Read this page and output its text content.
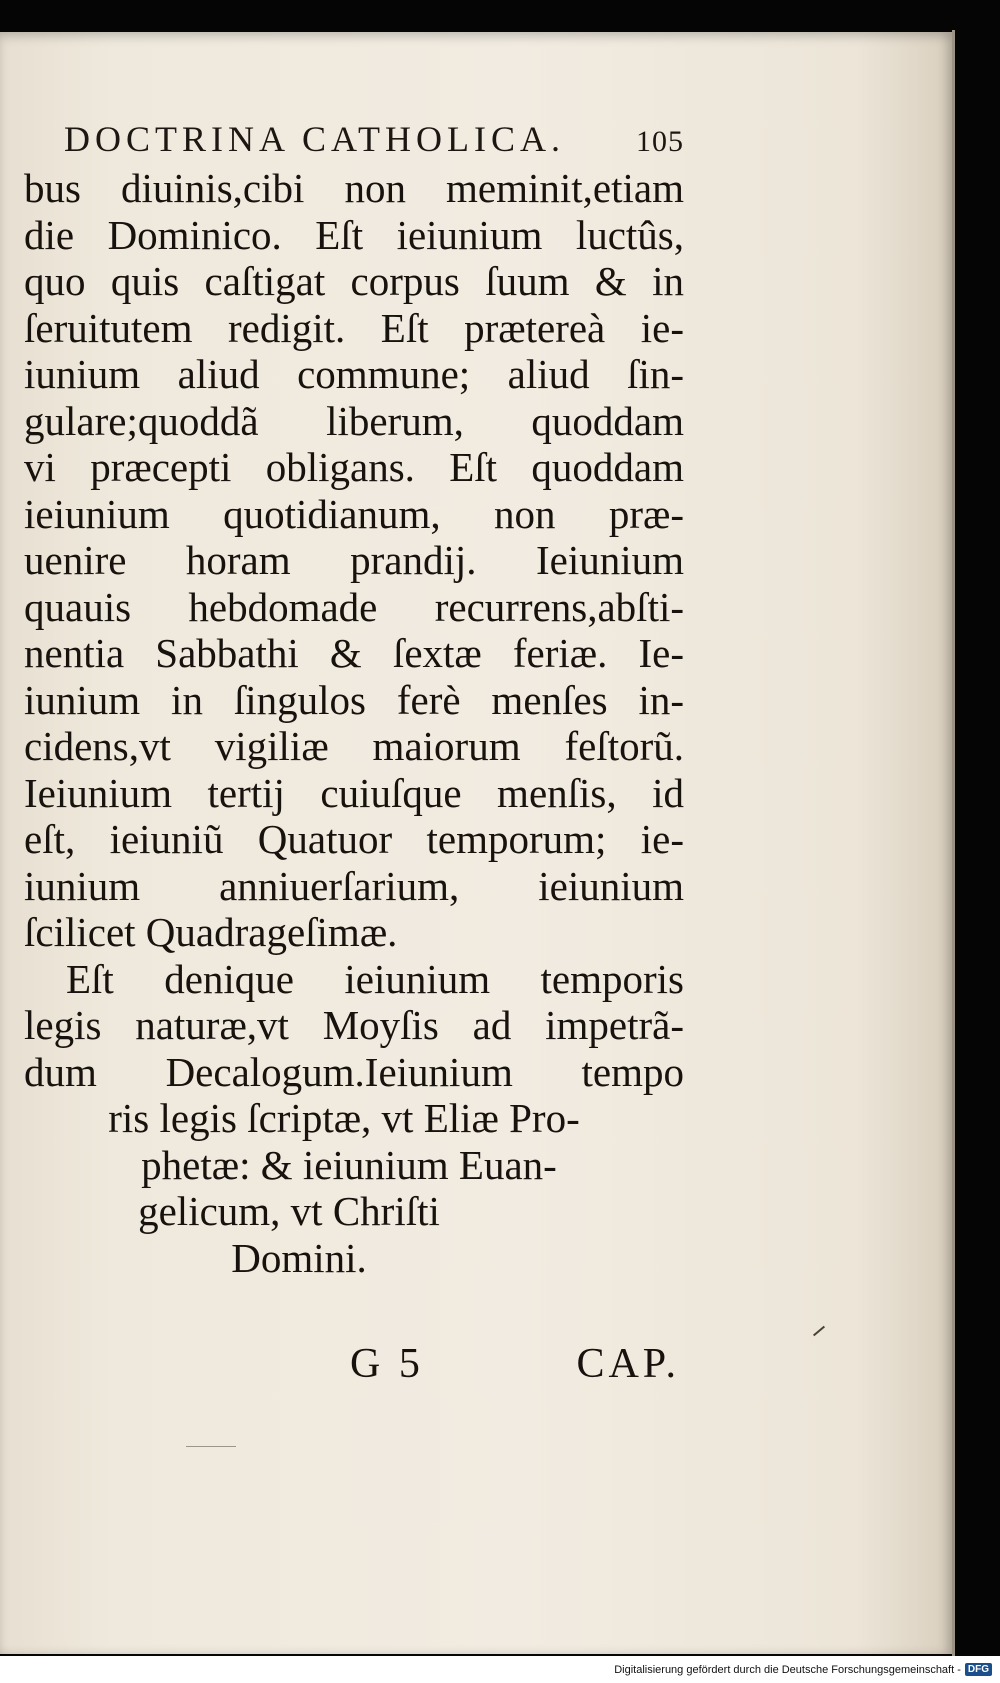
DOCTRINA CATHOLICA. 105
bus diuinis,cibi non meminit,etiam
die Dominico. Eſt ieiunium luctûs,
quo quis caſtigat corpus ſuum & in
ſeruitutem redigit. Eſt prætereà ie-
iunium aliud commune; aliud ſin-
gulare;quoddã liberum, quoddam
vi præcepti obligans. Eſt quoddam
ieiunium quotidianum, non præ-
uenire horam prandij. Ieiunium
quauis hebdomade recurrens,abſti-
nentia Sabbathi & ſextæ feriæ. Ie-
iunium in ſingulos ferè menſes in-
cidens,vt vigiliæ maiorum feſtorũ.
Ieiunium tertij cuiuſque menſis, id
eſt, ieiuniũ Quatuor temporum; ie-
iunium anniuerſarium, ieiunium
ſcilicet Quadrageſimæ.
Eſt denique ieiunium temporis
legis naturæ,vt Moyſis ad impetrã-
dum Decalogum.Ieiunium tempo
ris legis ſcriptæ, vt Eliæ Pro-
phetæ: & ieiunium Euan-
gelicum, vt Chriſti
Domini.
G 5	CAP.
Digitalisierung gefördert durch die Deutsche Forschungsgemeinschaft - DFG
